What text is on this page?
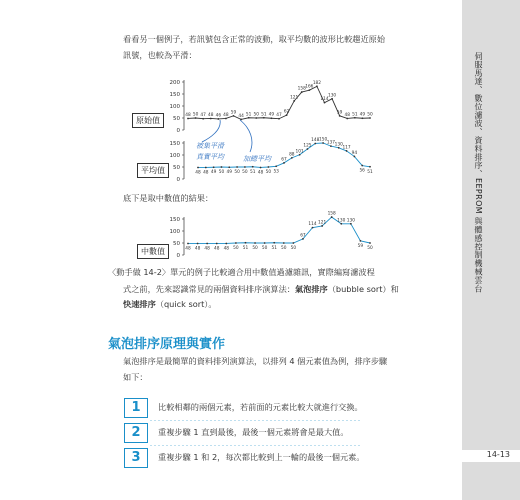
看看另一個例子，若訊號包含正常的波動，取平均數的波形比較趨近原始
訊號，也較為平滑：
0
50
100
150
200
48 50 47 48 46 48
59
44 51 50 51 49 47
62
121
158 166
182
114
130
59
48 51 49 50
原始值
被集平滑
真實平均	加總平均
0
50
100
150
48 48 49 50 49 50 50 51 48 50 53
67
88
101
125
148 150
137 130
117
94
56 51
平均值
底下是取中數值的結果：
0
50
100
150
48 48 48 48 48 50 51 50 50 51 50 50
67
114 121
158
130 130
59 50
中數值
〈動手做 14-2〉單元的例子比較適合用中數值過濾雜訊，實際編寫濾波程
式之前，先來認識常見的兩個資料排序演算法：氣泡排序（bubble sort）和
快速排序（quick sort）。
氣泡排序原理與實作
氣泡排序是最簡單的資料排列演算法，以排列 4 個元素值為例，排序步驟
如下：
1	比較相鄰的兩個元素，若前面的元素比較大就進行交換。
2	重複步驟 1 直到最後，最後一個元素將會是最大值。
3	重複步驟 1 和 2，每次都比較到上一輪的最後一個元素。
伺服馬達、數位濾波、資料排序、EEPROM 與體感控制機械雲台
14-13
